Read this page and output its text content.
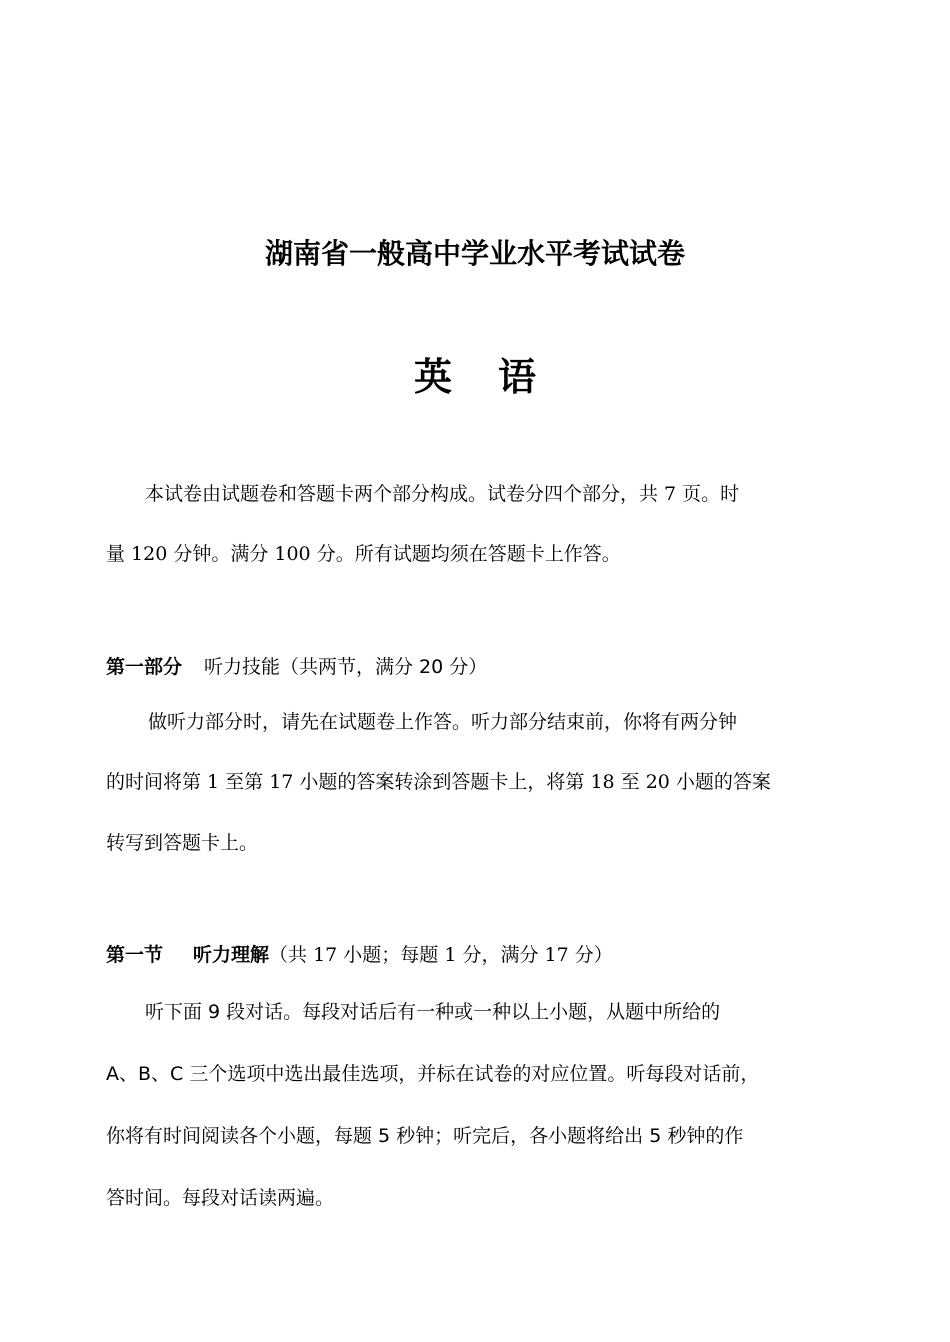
湖南省一般高中学业水平考试试卷
英 语
本试卷由试题卷和答题卡两个部分构成。试卷分四个部分，共 7 页。时
量 120 分钟。满分 100 分。所有试题均须在答题卡上作答。
第一部分 听力技能（共两节，满分 20 分）
做听力部分时，请先在试题卷上作答。听力部分结束前，你将有两分钟
的时间将第 1 至第 17 小题的答案转涂到答题卡上，将第 18 至 20 小题的答案
转写到答题卡上。
第一节 听力理解（共 17 小题；每题 1 分，满分 17 分）
听下面 9 段对话。每段对话后有一种或一种以上小题，从题中所给的
A、B、C 三个选项中选出最佳选项，并标在试卷的对应位置。听每段对话前，
你将有时间阅读各个小题，每题 5 秒钟；听完后，各小题将给出 5 秒钟的作
答时间。每段对话读两遍。
